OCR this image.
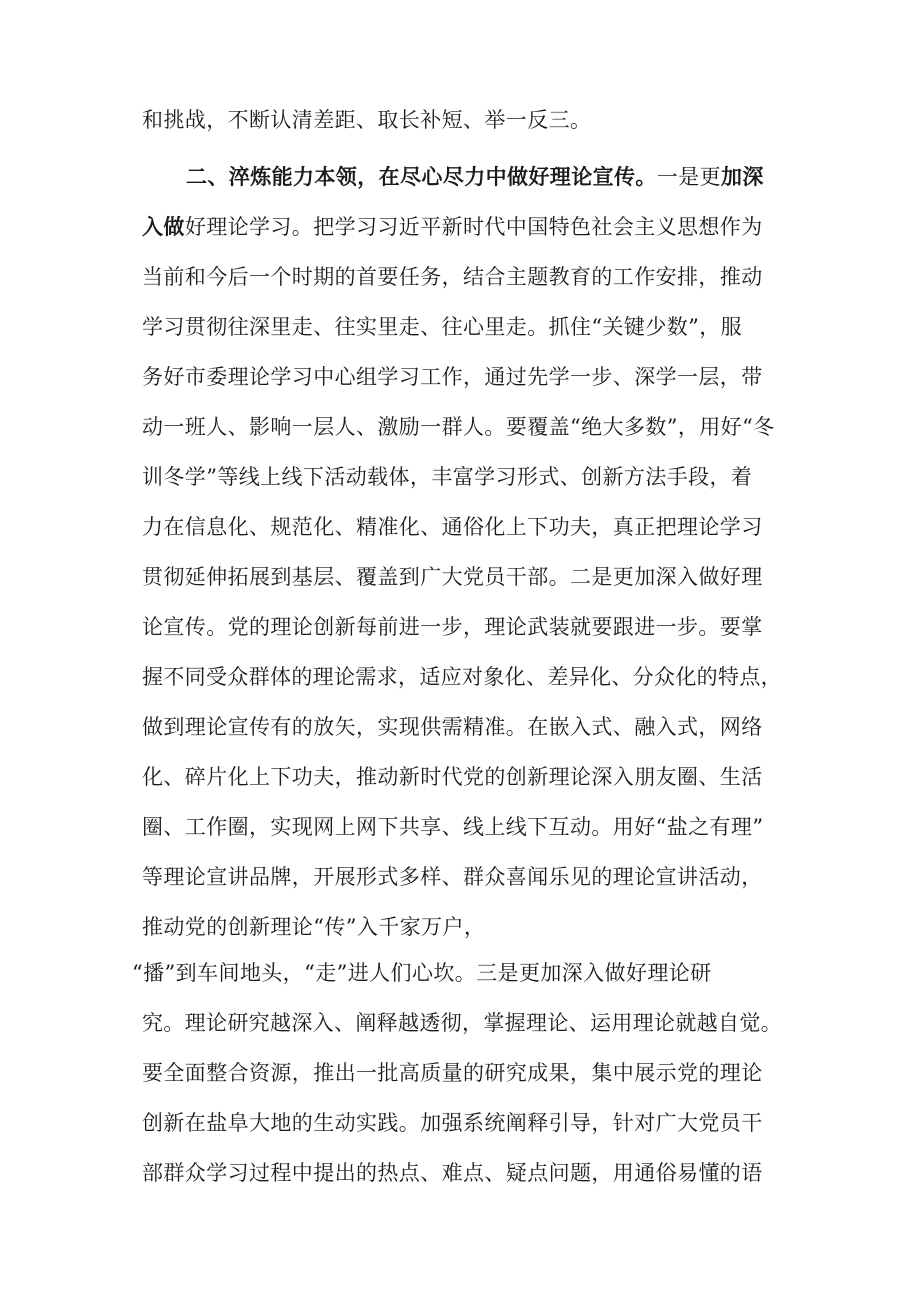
和挑战，不断认清差距、取长补短、举一反三。
二、淬炼能力本领，在尽心尽力中做好理论宣传。一是更加深
入做好理论学习。把学习习近平新时代中国特色社会主义思想作为
当前和今后一个时期的首要任务，结合主题教育的工作安排，推动
学习贯彻往深里走、往实里走、往心里走。抓住“关键少数”，服
务好市委理论学习中心组学习工作，通过先学一步、深学一层，带
动一班人、影响一层人、激励一群人。要覆盖“绝大多数”，用好“冬
训冬学”等线上线下活动载体，丰富学习形式、创新方法手段，着
力在信息化、规范化、精准化、通俗化上下功夫，真正把理论学习
贯彻延伸拓展到基层、覆盖到广大党员干部。二是更加深入做好理
论宣传。党的理论创新每前进一步，理论武装就要跟进一步。要掌
握不同受众群体的理论需求，适应对象化、差异化、分众化的特点，
做到理论宣传有的放矢，实现供需精准。在嵌入式、融入式，网络
化、碎片化上下功夫，推动新时代党的创新理论深入朋友圈、生活
圈、工作圈，实现网上网下共享、线上线下互动。用好“盐之有理”
等理论宣讲品牌，开展形式多样、群众喜闻乐见的理论宣讲活动，
推动党的创新理论“传”入千家万户，
“播”到车间地头，“走”进人们心坎。三是更加深入做好理论研
究。理论研究越深入、阐释越透彻，掌握理论、运用理论就越自觉。
要全面整合资源，推出一批高质量的研究成果，集中展示党的理论
创新在盐阜大地的生动实践。加强系统阐释引导，针对广大党员干
部群众学习过程中提出的热点、难点、疑点问题，用通俗易懂的语
